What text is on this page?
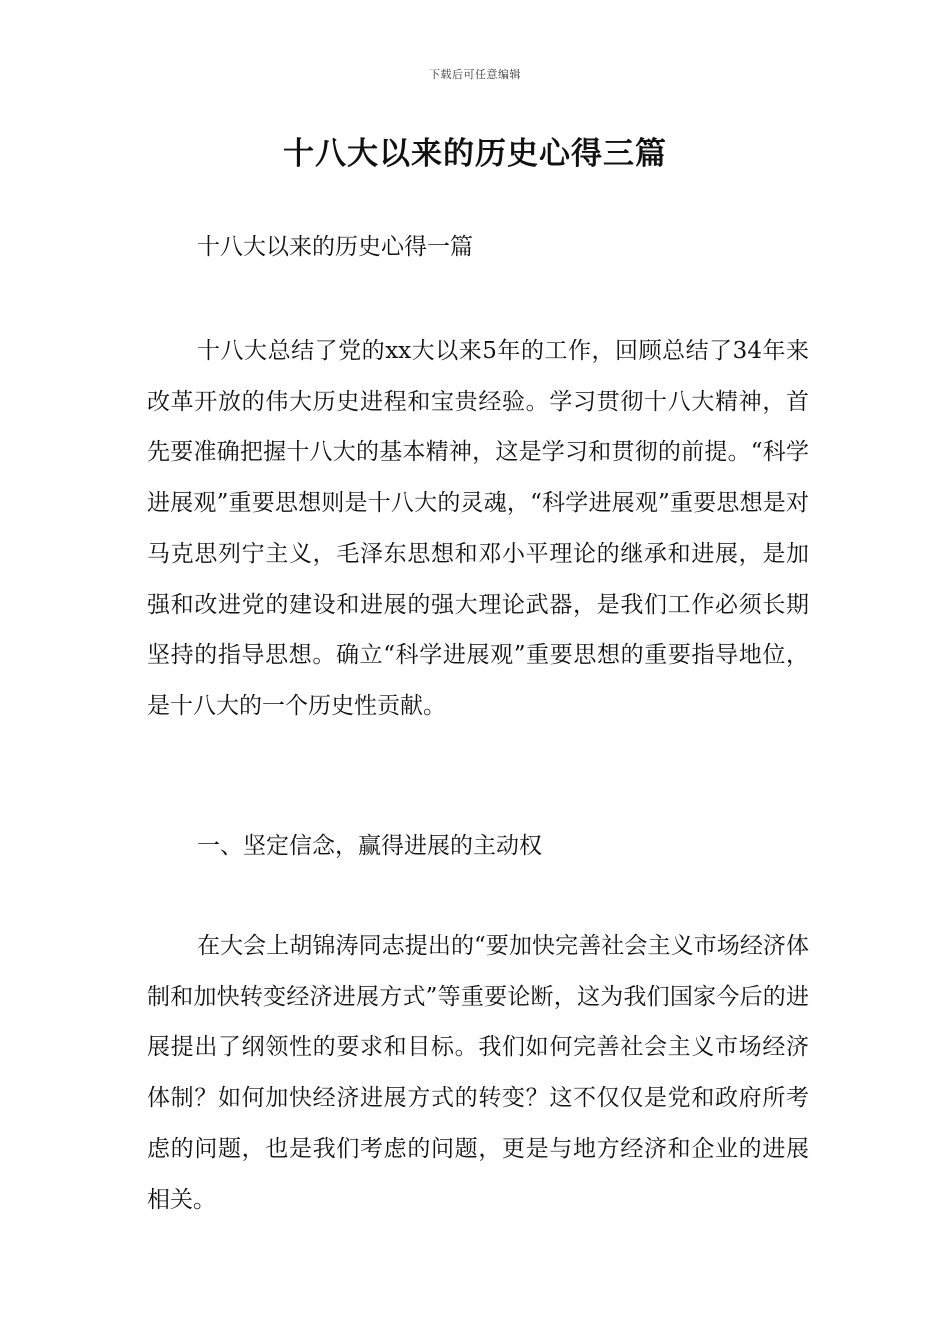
下载后可任意编辑
十八大以来的历史心得三篇
十八大以来的历史心得一篇
十八大总结了党的xx大以来5年的工作，回顾总结了34年来改革开放的伟大历史进程和宝贵经验。学习贯彻十八大精神，首先要准确把握十八大的基本精神，这是学习和贯彻的前提。“科学进展观”重要思想则是十八大的灵魂，“科学进展观”重要思想是对马克思列宁主义，毛泽东思想和邓小平理论的继承和进展，是加强和改进党的建设和进展的强大理论武器，是我们工作必须长期坚持的指导思想。确立“科学进展观”重要思想的重要指导地位，是十八大的一个历史性贡献。
一、坚定信念，赢得进展的主动权
在大会上胡锦涛同志提出的“要加快完善社会主义市场经济体制和加快转变经济进展方式”等重要论断，这为我们国家今后的进展提出了纲领性的要求和目标。我们如何完善社会主义市场经济体制？如何加快经济进展方式的转变？这不仅仅是党和政府所考虑的问题，也是我们考虑的问题，更是与地方经济和企业的进展相关。
